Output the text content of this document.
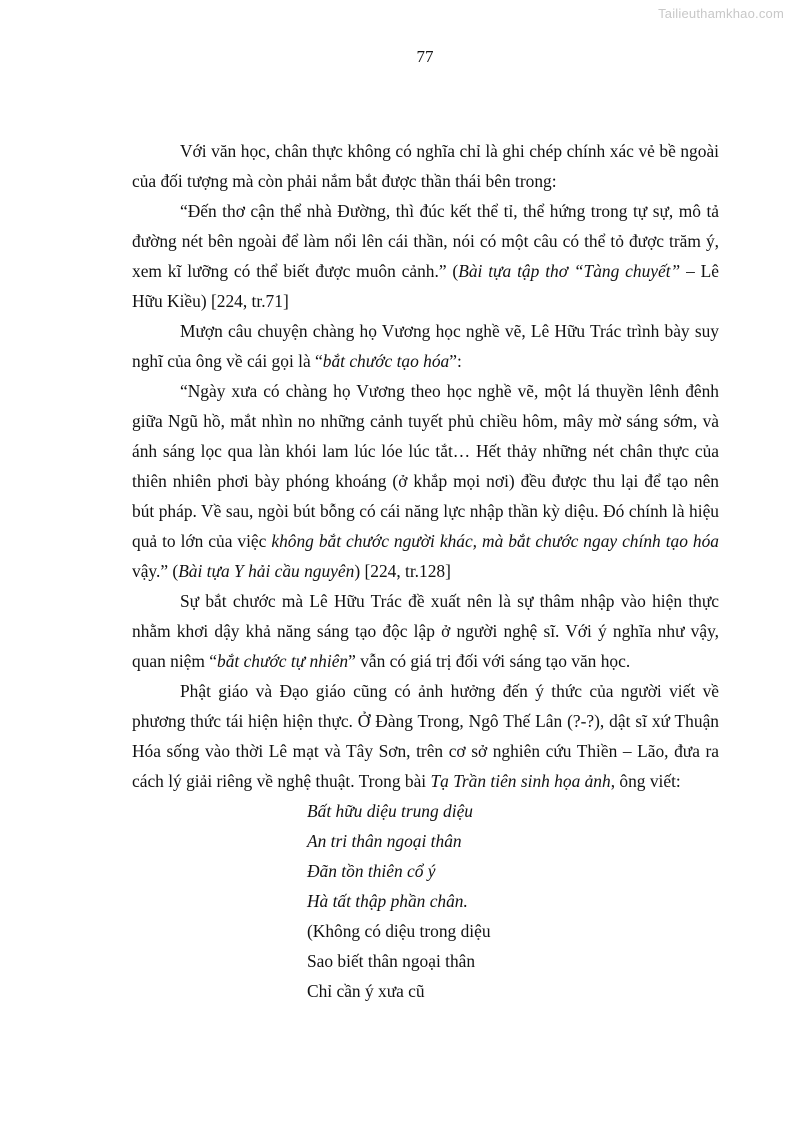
Tailieuthamkhao.com
77

Với văn học, chân thực không có nghĩa chỉ là ghi chép chính xác vẻ bề ngoài của đối tượng mà còn phải nắm bắt được thần thái bên trong:

“Đến thơ cận thể nhà Đường, thì đúc kết thể tỉ, thể hứng trong tự sự, mô tả đường nét bên ngoài để làm nổi lên cái thần, nói có một câu có thể tỏ được trăm ý, xem kĩ lưỡng có thể biết được muôn cảnh.” (Bài tựa tập thơ “Tàng chuyết” – Lê Hữu Kiều) [224, tr.71]

Mượn câu chuyện chàng họ Vương học nghề vẽ, Lê Hữu Trác trình bày suy nghĩ của ông về cái gọi là “bắt chước tạo hóa”:

“Ngày xưa có chàng họ Vương theo học nghề vẽ, một lá thuyền lênh đênh giữa Ngũ hồ, mắt nhìn no những cảnh tuyết phủ chiều hôm, mây mờ sáng sớm, và ánh sáng lọc qua làn khói lam lúc lóe lúc tắt… Hết thảy những nét chân thực của thiên nhiên phơi bày phóng khoáng (ở khắp mọi nơi) đều được thu lại để tạo nên bút pháp. Về sau, ngòi bút bỗng có cái năng lực nhập thần kỳ diệu. Đó chính là hiệu quả to lớn của việc không bắt chước người khác, mà bắt chước ngay chính tạo hóa vậy.” (Bài tựa Y hải cầu nguyên) [224, tr.128]

Sự bắt chước mà Lê Hữu Trác đề xuất nên là sự thâm nhập vào hiện thực nhằm khơi dậy khả năng sáng tạo độc lập ở người nghệ sĩ. Với ý nghĩa như vậy, quan niệm “bắt chước tự nhiên” vẫn có giá trị đối với sáng tạo văn học.

Phật giáo và Đạo giáo cũng có ảnh hưởng đến ý thức của người viết về phương thức tái hiện hiện thực. Ở Đàng Trong, Ngô Thế Lân (?-?), dật sĩ xứ Thuận Hóa sống vào thời Lê mạt và Tây Sơn, trên cơ sở nghiên cứu Thiền – Lão, đưa ra cách lý giải riêng về nghệ thuật. Trong bài Tạ Trần tiên sinh họa ảnh, ông viết:

Bất hữu diệu trung diệu
An tri thân ngoại thân
Đãn tồn thiên cổ ý
Hà tất thập phần chân.
(Không có diệu trong diệu
Sao biết thân ngoại thân
Chỉ cần ý xưa cũ
